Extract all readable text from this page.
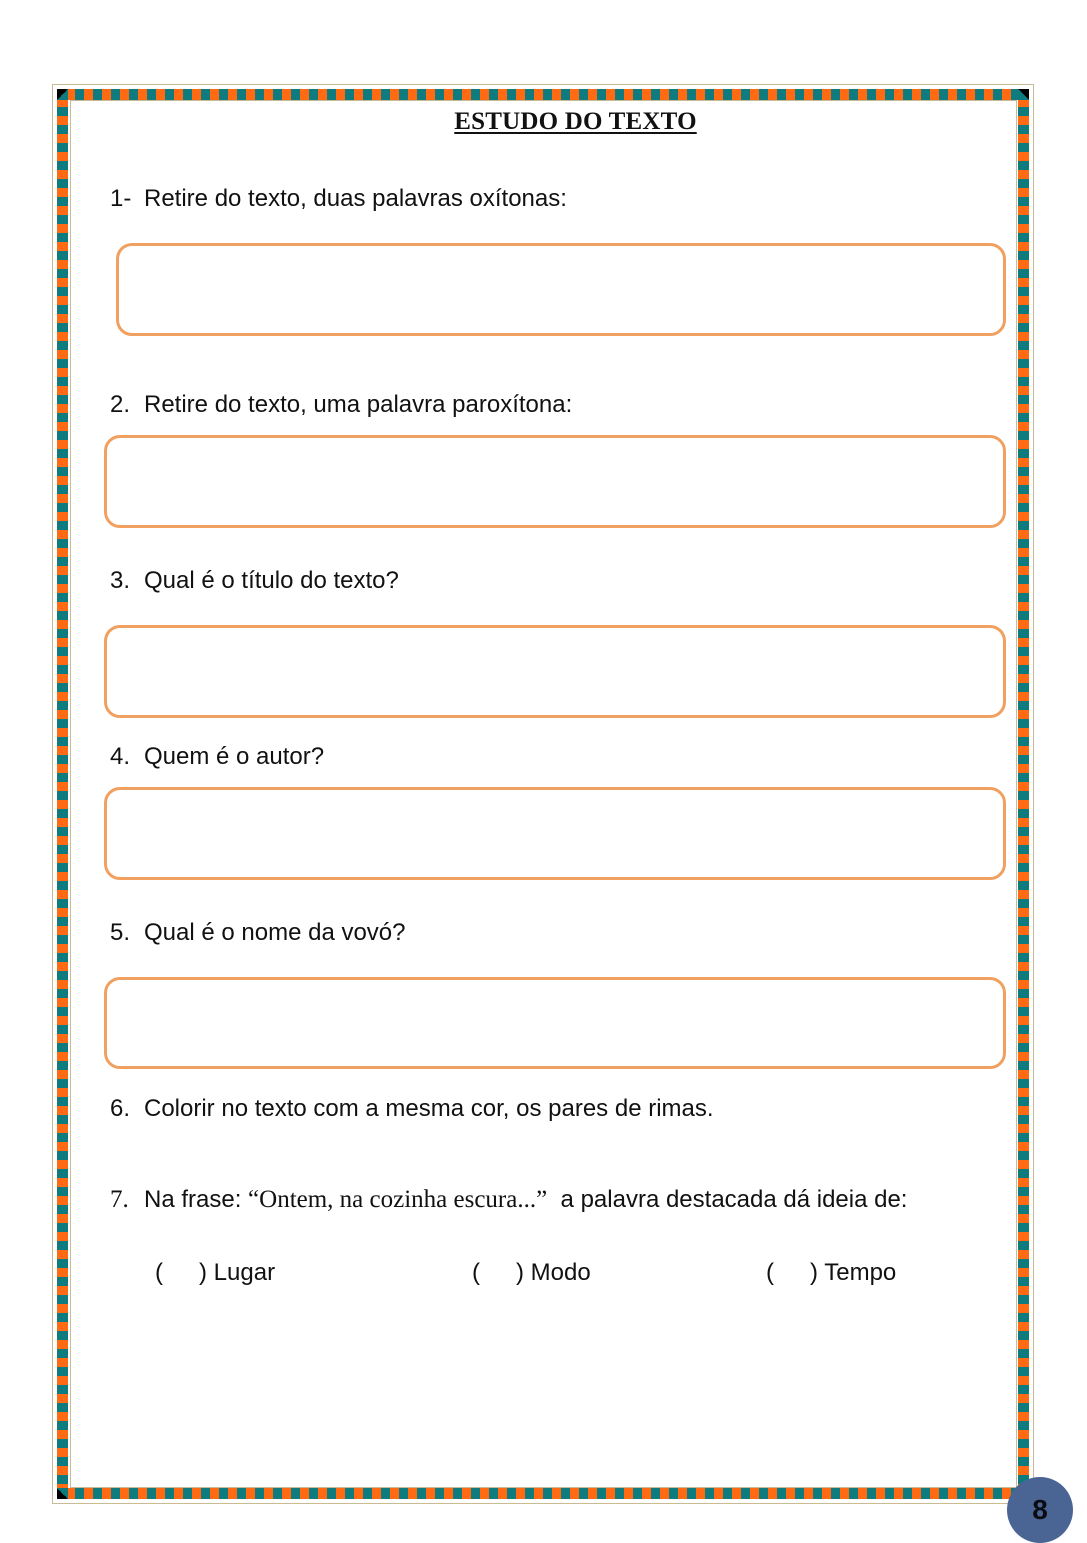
ESTUDO DO TEXTO
1- Retire do texto, duas palavras oxítonas:
2. Retire do texto, uma palavra paroxítona:
3. Qual é o título do texto?
4. Quem é o autor?
5. Qual é o nome da vovó?
6. Colorir no texto com a mesma cor, os pares de rimas.
7. Na frase: “Ontem, na cozinha escura...”  a palavra destacada dá ideia de:
( ) Lugar	( ) Modo	( ) Tempo
8
